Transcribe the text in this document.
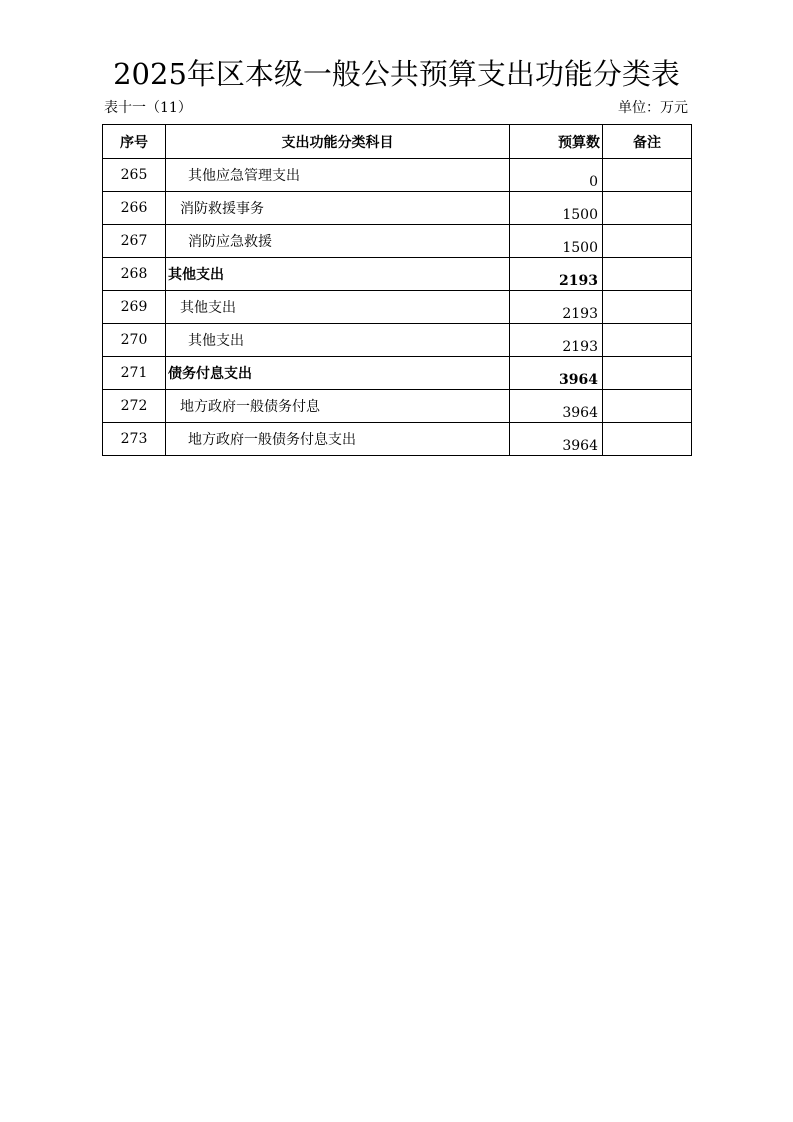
2025年区本级一般公共预算支出功能分类表
表十一（11）	单位：万元
序号	支出功能分类科目	预算数	备注
265	其他应急管理支出	0	
266	消防救援事务	1500	
267	消防应急救援	1500	
268	其他支出	2193	
269	其他支出	2193	
270	其他支出	2193	
271	债务付息支出	3964	
272	地方政府一般债务付息	3964	
273	地方政府一般债务付息支出	3964	
